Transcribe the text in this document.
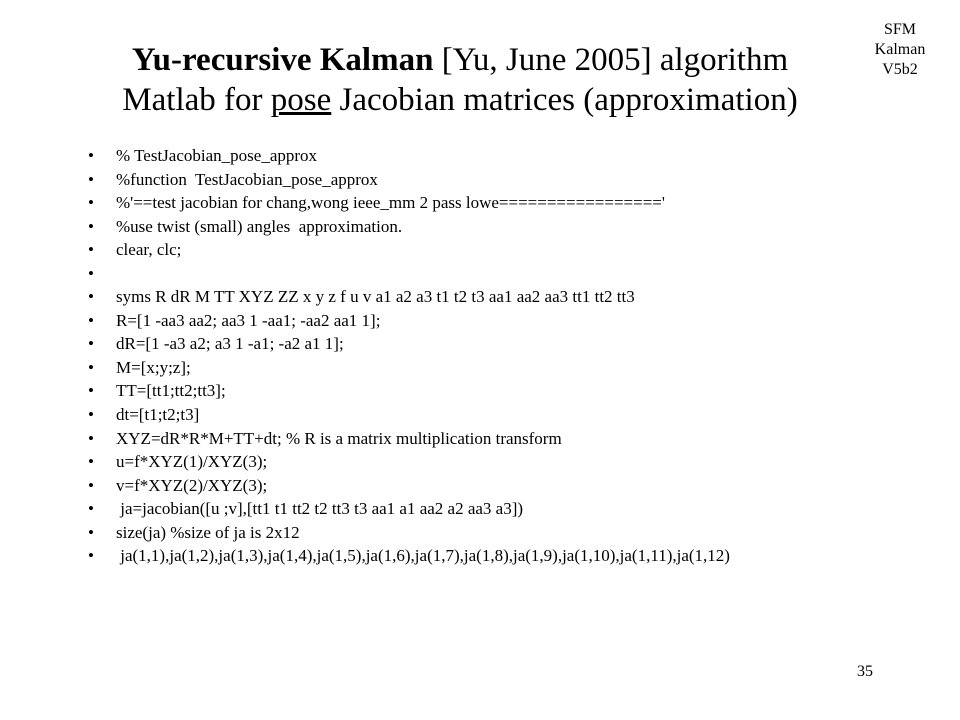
SFM
Kalman
V5b2
Yu-recursive Kalman [Yu, June 2005] algorithm
Matlab for pose Jacobian matrices (approximation)
• % TestJacobian_pose_approx
• %function  TestJacobian_pose_approx
• %'==test jacobian for chang,wong ieee_mm 2 pass lowe================='
• %use twist (small) angles  approximation.
• clear, clc;
•
• syms R dR M TT XYZ ZZ x y z f u v a1 a2 a3 t1 t2 t3 aa1 aa2 aa3 tt1 tt2 tt3
• R=[1 -aa3 aa2; aa3 1 -aa1; -aa2 aa1 1];
• dR=[1 -a3 a2; a3 1 -a1; -a2 a1 1];
• M=[x;y;z];
• TT=[tt1;tt2;tt3];
• dt=[t1;t2;t3]
• XYZ=dR*R*M+TT+dt; % R is a matrix multiplication transform
• u=f*XYZ(1)/XYZ(3);
• v=f*XYZ(2)/XYZ(3);
• ja=jacobian([u ;v],[tt1 t1 tt2 t2 tt3 t3 aa1 a1 aa2 a2 aa3 a3])
• size(ja) %size of ja is 2x12
• ja(1,1),ja(1,2),ja(1,3),ja(1,4),ja(1,5),ja(1,6),ja(1,7),ja(1,8),ja(1,9),ja(1,10),ja(1,11),ja(1,12)
35
